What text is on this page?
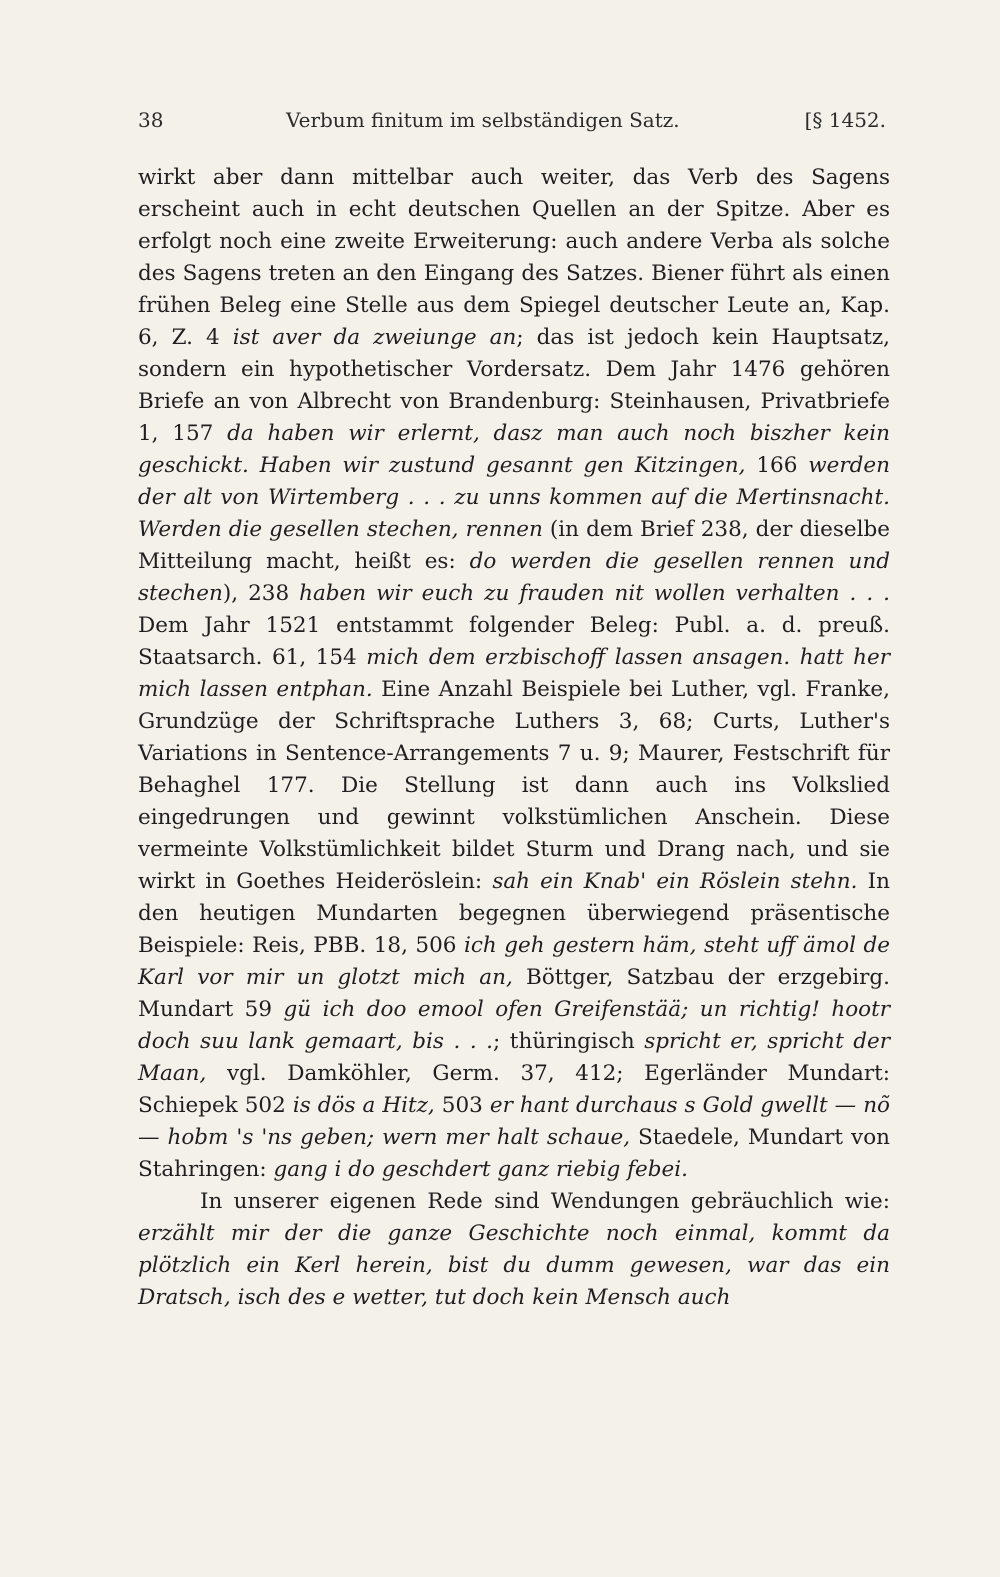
38	Verbum finitum im selbständigen Satz.	[§ 1452.

wirkt aber dann mittelbar auch weiter, das Verb des Sagens erscheint auch in echt deutschen Quellen an der Spitze. Aber es erfolgt noch eine zweite Erweiterung: auch andere Verba als solche des Sagens treten an den Eingang des Satzes. Biener führt als einen frühen Beleg eine Stelle aus dem Spiegel deutscher Leute an, Kap. 6, Z. 4 ist aver da zweiunge an; das ist jedoch kein Hauptsatz, sondern ein hypothetischer Vordersatz. Dem Jahr 1476 gehören Briefe an von Albrecht von Brandenburg: Steinhausen, Privatbriefe 1, 157 da haben wir erlernt, dasz man auch noch biszher kein geschickt. Haben wir zustund gesannt gen Kitzingen, 166 werden der alt von Wirtemberg . . . zu unns kommen auf die Mertinsnacht. Werden die gesellen stechen, rennen (in dem Brief 238, der dieselbe Mitteilung macht, heißt es: do werden die gesellen rennen und stechen), 238 haben wir euch zu frauden nit wollen verhalten . . . Dem Jahr 1521 entstammt folgender Beleg: Publ. a. d. preuß. Staatsarch. 61, 154 mich dem erzbischoff lassen ansagen. hatt her mich lassen entphan. Eine Anzahl Beispiele bei Luther, vgl. Franke, Grundzüge der Schriftsprache Luthers 3, 68; Curts, Luther's Variations in Sentence-Arrangements 7 u. 9; Maurer, Festschrift für Behaghel 177. Die Stellung ist dann auch ins Volkslied eingedrungen und gewinnt volkstümlichen Anschein. Diese vermeinte Volkstümlichkeit bildet Sturm und Drang nach, und sie wirkt in Goethes Heideröslein: sah ein Knab' ein Röslein stehn. In den heutigen Mundarten begegnen überwiegend präsentische Beispiele: Reis, PBB. 18, 506 ich geh gestern häm, steht uff ämol de Karl vor mir un glotzt mich an, Böttger, Satzbau der erzgebirg. Mundart 59 gü ich doo emool ofen Greifenstää; un richtig! hootr doch suu lank gemaart, bis . . .; thüringisch spricht er, spricht der Maan, vgl. Damköhler, Germ. 37, 412; Egerländer Mundart: Schiepek 502 is dös a Hitz, 503 er hant durchaus s Gold gwellt — nõ — hobm 's 'ns geben; wern mer halt schaue, Staedele, Mundart von Stahringen: gang i do geschdert ganz riebig febei.

In unserer eigenen Rede sind Wendungen gebräuchlich wie: erzählt mir der die ganze Geschichte noch einmal, kommt da plötzlich ein Kerl herein, bist du dumm gewesen, war das ein Dratsch, isch des e wetter, tut doch kein Mensch auch
